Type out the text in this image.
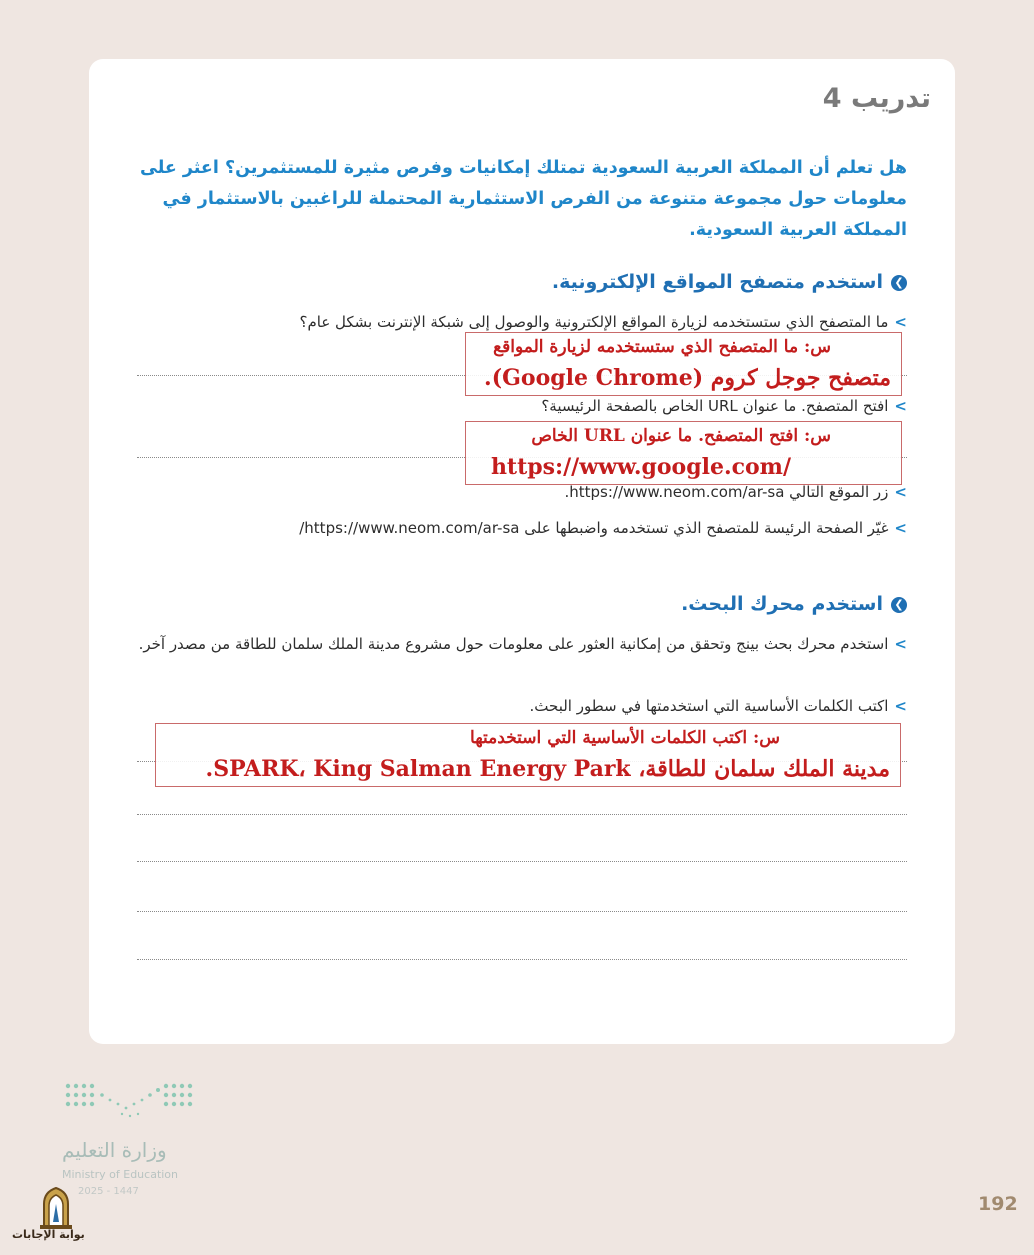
تدريب 4
هل تعلم أن المملكة العربية السعودية تمتلك إمكانيات وفرص مثيرة للمستثمرين؟ اعثر على معلومات حول مجموعة متنوعة من الفرص الاستثمارية المحتملة للراغبين بالاستثمار في المملكة العربية السعودية.
❯استخدم متصفح المواقع الإلكترونية.
>ما المتصفح الذي ستستخدمه لزيارة المواقع الإلكترونية والوصول إلى شبكة الإنترنت بشكل عام؟
س: ما المتصفح الذي ستستخدمه لزيارة المواقع
متصفح جوجل كروم (Google Chrome).
>افتح المتصفح. ما عنوان URL الخاص بالصفحة الرئيسية؟
س: افتح المتصفح. ما عنوان URL الخاص
https://www.google.com/
>زر الموقع التالي https://www.neom.com/ar-sa.
>غيّر الصفحة الرئيسة للمتصفح الذي تستخدمه واضبطها على https://www.neom.com/ar-sa/
❯استخدم محرك البحث.
>استخدم محرك بحث بينج وتحقق من إمكانية العثور على معلومات حول مشروع مدينة الملك سلمان للطاقة من مصدر آخر.
>اكتب الكلمات الأساسية التي استخدمتها في سطور البحث.
س: اكتب الكلمات الأساسية التي استخدمتها
مدينة الملك سلمان للطاقة، SPARK، King Salman Energy Park.
وزارة التعليم
Ministry of Education
2025 - 1447
بوابة الإجابات
192
